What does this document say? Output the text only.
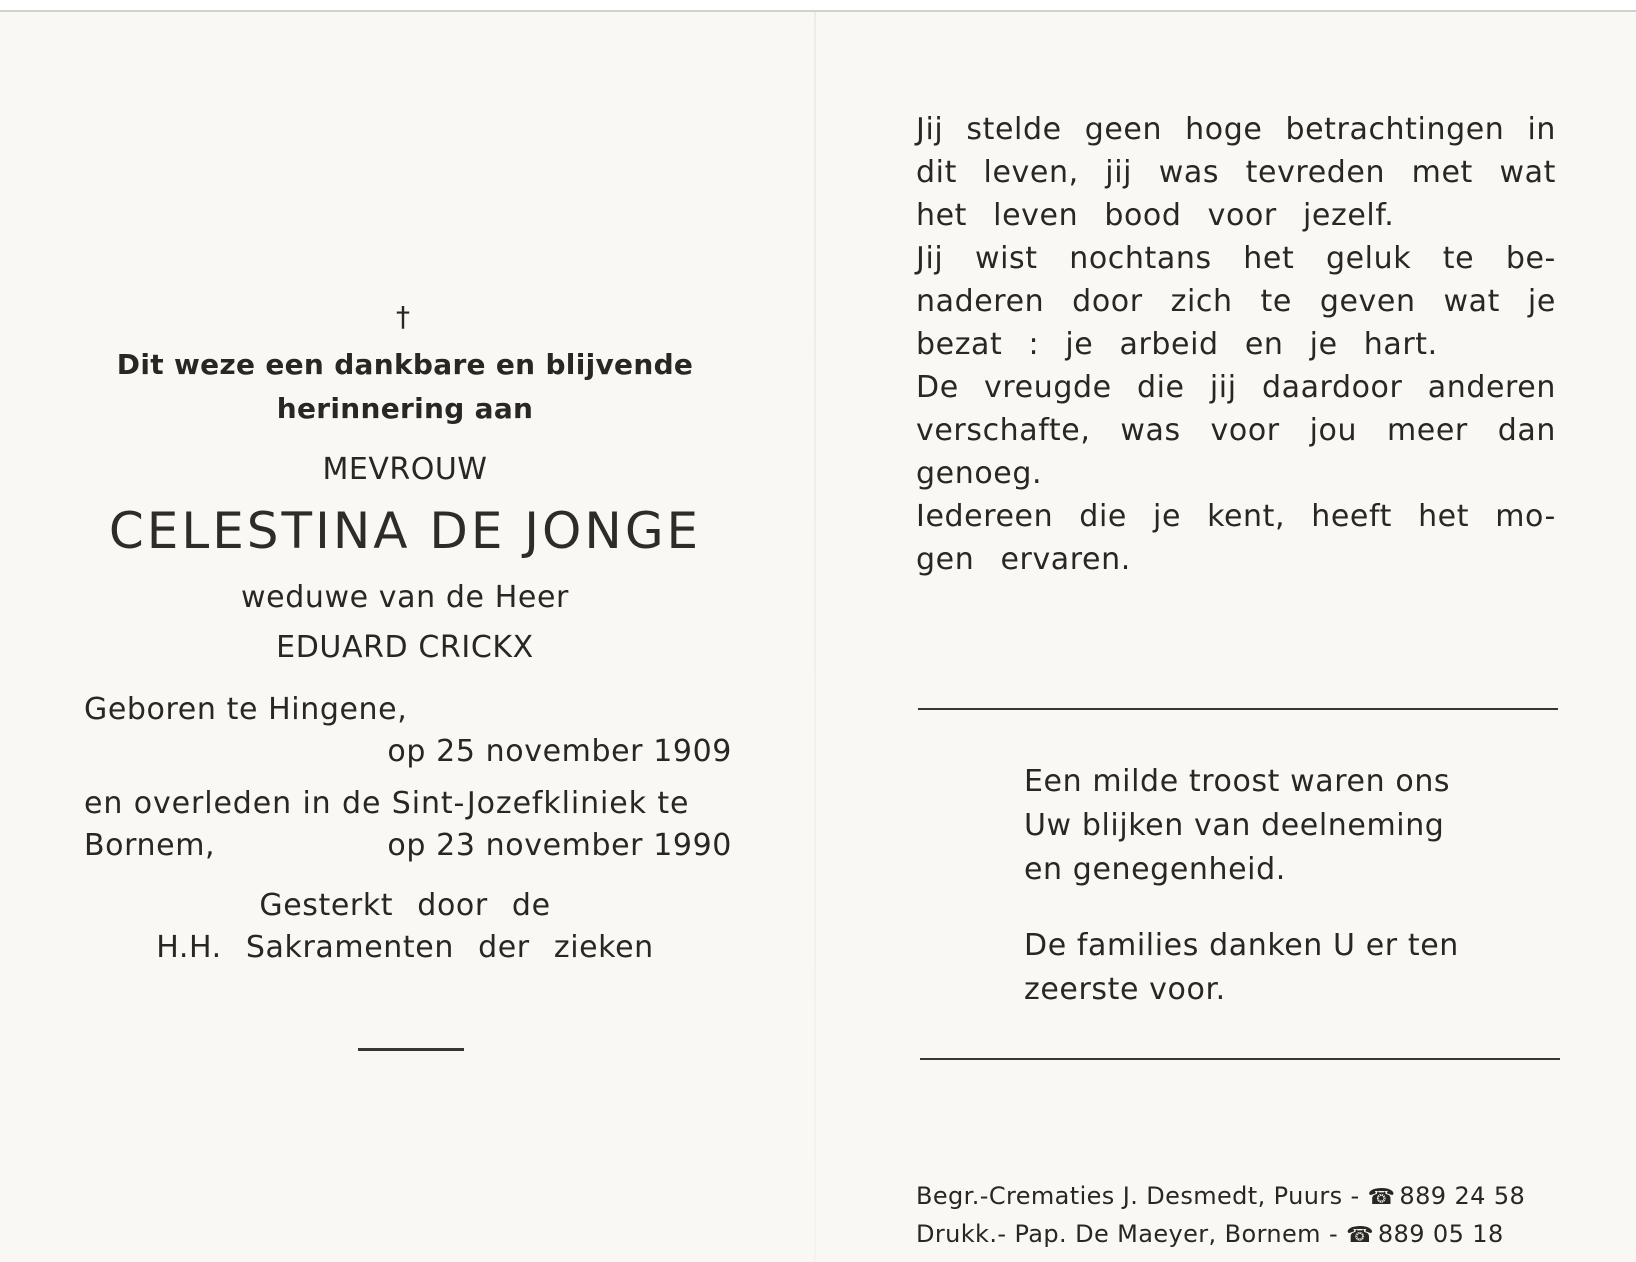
†
Dit weze een dankbare en blijvende
herinnering aan
MEVROUW
CELESTINA DE JONGE
weduwe van de Heer
EDUARD CRICKX
Geboren te Hingene,
op 25 november 1909
en overleden in de Sint-Jozefkliniek te
Bornem,	op 23 november 1990
Gesterkt door de
H.H. Sakramenten der zieken
Jij stelde geen hoge betrachtingen in
dit leven, jij was tevreden met wat
het leven bood voor jezelf.
Jij wist nochtans het geluk te be-
naderen door zich te geven wat je
bezat : je arbeid en je hart.
De vreugde die jij daardoor anderen
verschafte, was voor jou meer dan
genoeg.
Iedereen die je kent, heeft het mo-
gen ervaren.
Een milde troost waren ons
Uw blijken van deelneming
en genegenheid.
De families danken U er ten
zeerste voor.
Begr.-Crematies J. Desmedt, Puurs - ☎ 889 24 58
Drukk.- Pap. De Maeyer, Bornem - ☎ 889 05 18
